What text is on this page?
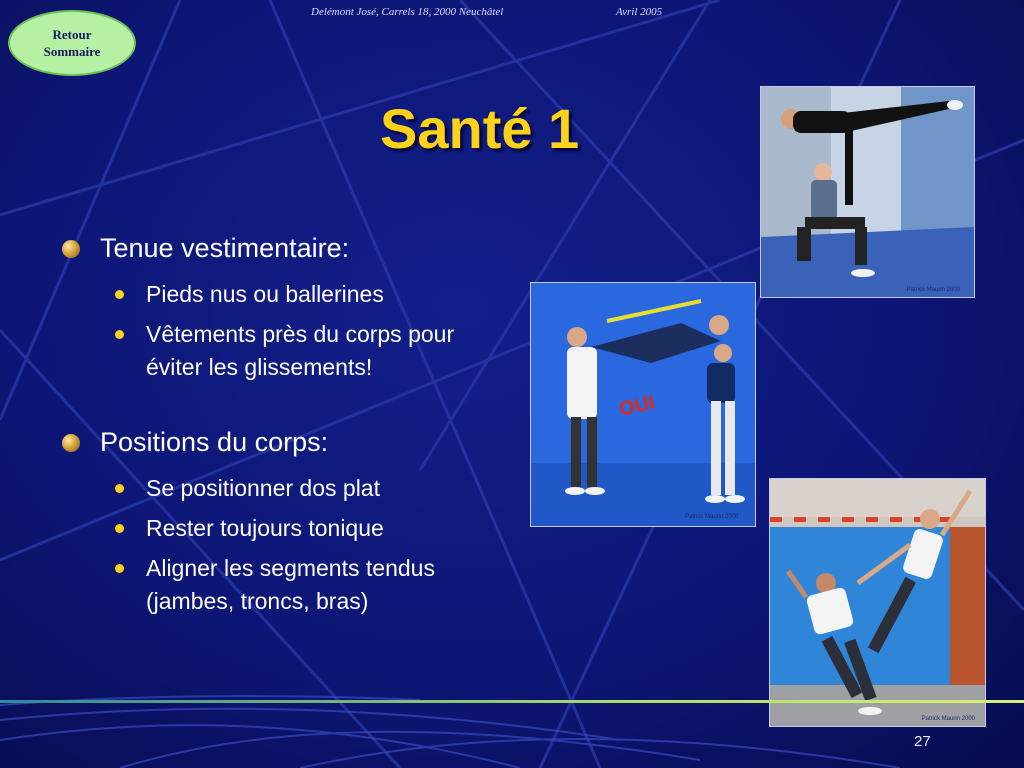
Delémont José, Carrels 18, 2000 Neuchâtel	Avril 2005
Retour
Sommaire
Santé 1
Tenue vestimentaire:
Pieds nus ou ballerines
Vêtements près du corps pour éviter les glissements!
Positions du corps:
Se positionner dos plat
Rester toujours tonique
Aligner les segments tendus (jambes, troncs, bras)
Patrick Maurin 2000
OUI
Patrick Maurin 2000
Patrick Maurin 2000
27
